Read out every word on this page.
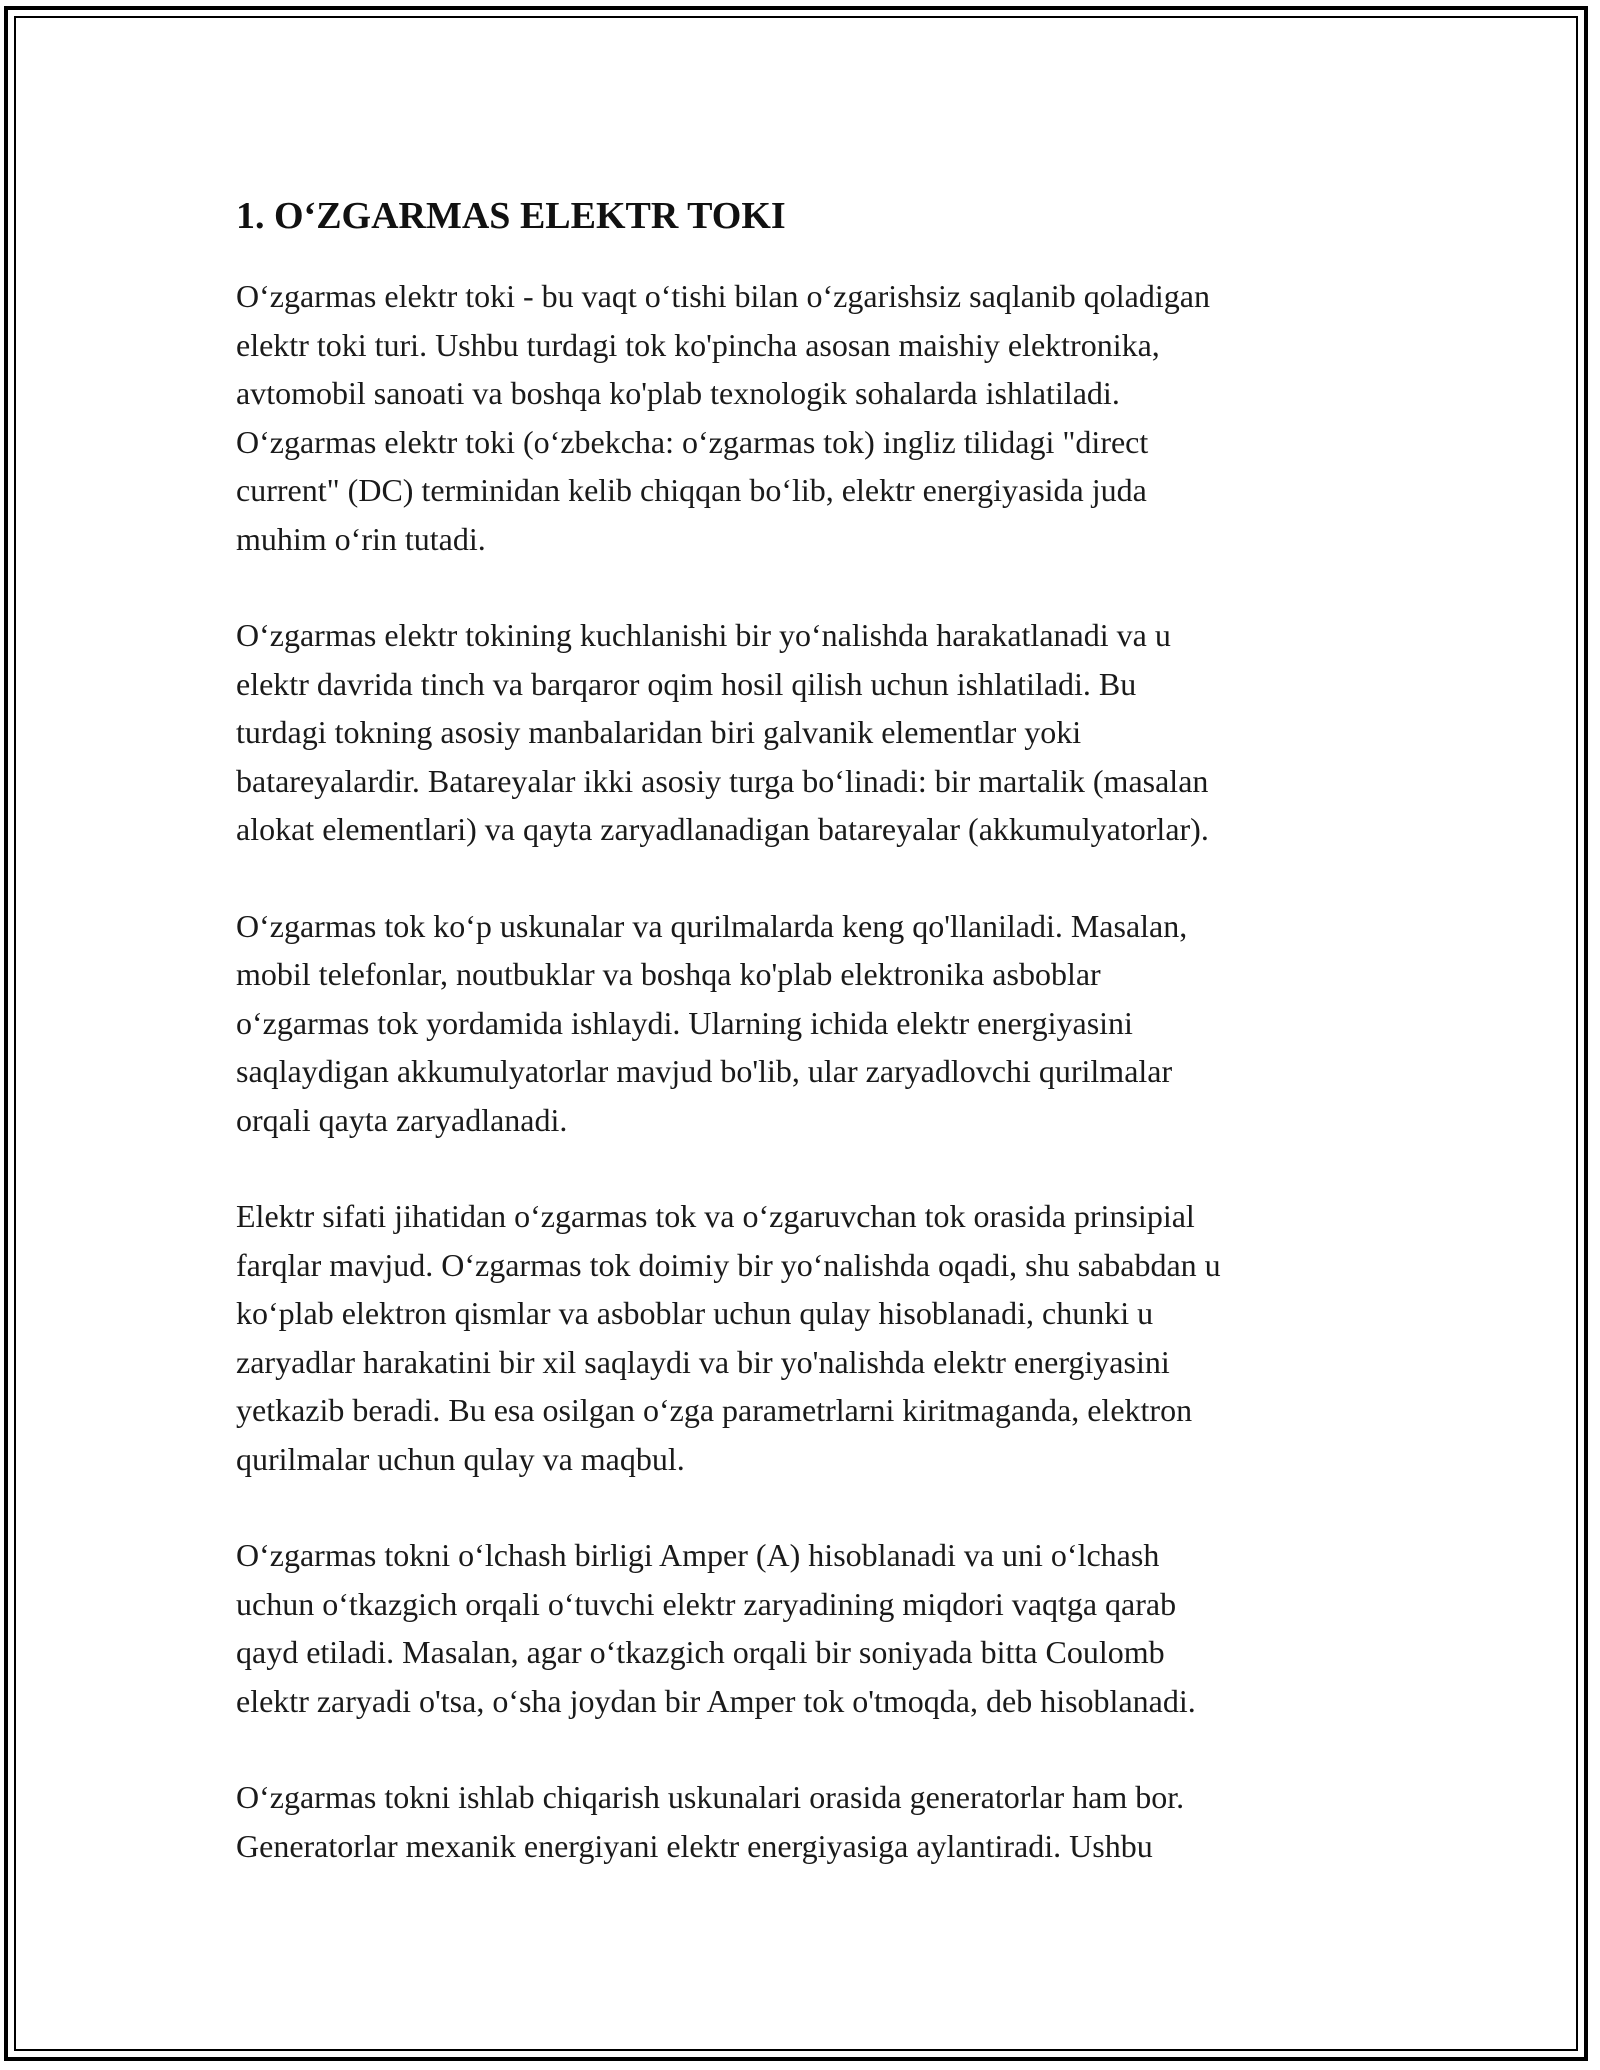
1. O‘ZGARMAS ELEKTR TOKI

O‘zgarmas elektr toki - bu vaqt o‘tishi bilan o‘zgarishsiz saqlanib qoladigan
elektr toki turi. Ushbu turdagi tok ko'pincha asosan maishiy elektronika,
avtomobil sanoati va boshqa ko'plab texnologik sohalarda ishlatiladi.
O‘zgarmas elektr toki (o‘zbekcha: o‘zgarmas tok) ingliz tilidagi "direct
current" (DC) terminidan kelib chiqqan bo‘lib, elektr energiyasida juda
muhim o‘rin tutadi.

O‘zgarmas elektr tokining kuchlanishi bir yo‘nalishda harakatlanadi va u
elektr davrida tinch va barqaror oqim hosil qilish uchun ishlatiladi. Bu
turdagi tokning asosiy manbalaridan biri galvanik elementlar yoki
batareyalardir. Batareyalar ikki asosiy turga bo‘linadi: bir martalik (masalan
alokat elementlari) va qayta zaryadlanadigan batareyalar (akkumulyatorlar).

O‘zgarmas tok ko‘p uskunalar va qurilmalarda keng qo'llaniladi. Masalan,
mobil telefonlar, noutbuklar va boshqa ko'plab elektronika asboblar
o‘zgarmas tok yordamida ishlaydi. Ularning ichida elektr energiyasini
saqlaydigan akkumulyatorlar mavjud bo'lib, ular zaryadlovchi qurilmalar
orqali qayta zaryadlanadi.

Elektr sifati jihatidan o‘zgarmas tok va o‘zgaruvchan tok orasida prinsipial
farqlar mavjud. O‘zgarmas tok doimiy bir yo‘nalishda oqadi, shu sababdan u
ko‘plab elektron qismlar va asboblar uchun qulay hisoblanadi, chunki u
zaryadlar harakatini bir xil saqlaydi va bir yo'nalishda elektr energiyasini
yetkazib beradi. Bu esa osilgan o‘zga parametrlarni kiritmaganda, elektron
qurilmalar uchun qulay va maqbul.

O‘zgarmas tokni o‘lchash birligi Amper (A) hisoblanadi va uni o‘lchash
uchun o‘tkazgich orqali o‘tuvchi elektr zaryadining miqdori vaqtga qarab
qayd etiladi. Masalan, agar o‘tkazgich orqali bir soniyada bitta Coulomb
elektr zaryadi o'tsa, o‘sha joydan bir Amper tok o'tmoqda, deb hisoblanadi.

O‘zgarmas tokni ishlab chiqarish uskunalari orasida generatorlar ham bor.
Generatorlar mexanik energiyani elektr energiyasiga aylantiradi. Ushbu
